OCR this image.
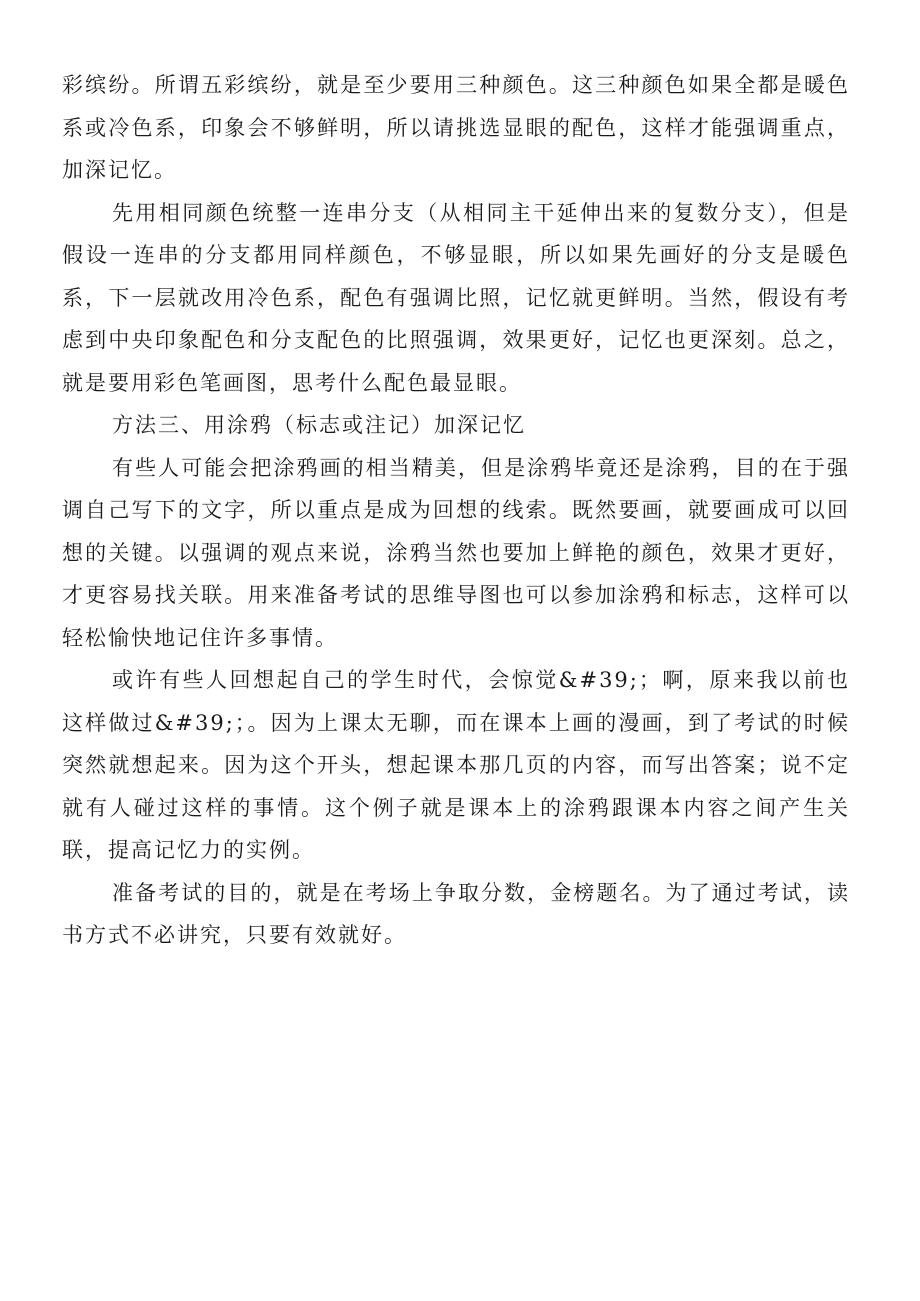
彩缤纷。所谓五彩缤纷，就是至少要用三种颜色。这三种颜色如果全都是暖色系或冷色系，印象会不够鲜明，所以请挑选显眼的配色，这样才能强调重点，加深记忆。

先用相同颜色统整一连串分支（从相同主干延伸出来的复数分支），但是假设一连串的分支都用同样颜色，不够显眼，所以如果先画好的分支是暖色系，下一层就改用冷色系，配色有强调比照，记忆就更鲜明。当然，假设有考虑到中央印象配色和分支配色的比照强调，效果更好，记忆也更深刻。总之，就是要用彩色笔画图，思考什么配色最显眼。

方法三、用涂鸦（标志或注记）加深记忆

有些人可能会把涂鸦画的相当精美，但是涂鸦毕竟还是涂鸦，目的在于强调自己写下的文字，所以重点是成为回想的线索。既然要画，就要画成可以回想的关键。以强调的观点来说，涂鸦当然也要加上鲜艳的颜色，效果才更好，才更容易找关联。用来准备考试的思维导图也可以参加涂鸦和标志，这样可以轻松愉快地记住许多事情。

或许有些人回想起自己的学生时代，会惊觉&#39;；啊，原来我以前也这样做过&#39;；。因为上课太无聊，而在课本上画的漫画，到了考试的时候突然就想起来。因为这个开头，想起课本那几页的内容，而写出答案；说不定就有人碰过这样的事情。这个例子就是课本上的涂鸦跟课本内容之间产生关联，提高记忆力的实例。

准备考试的目的，就是在考场上争取分数，金榜题名。为了通过考试，读书方式不必讲究，只要有效就好。
